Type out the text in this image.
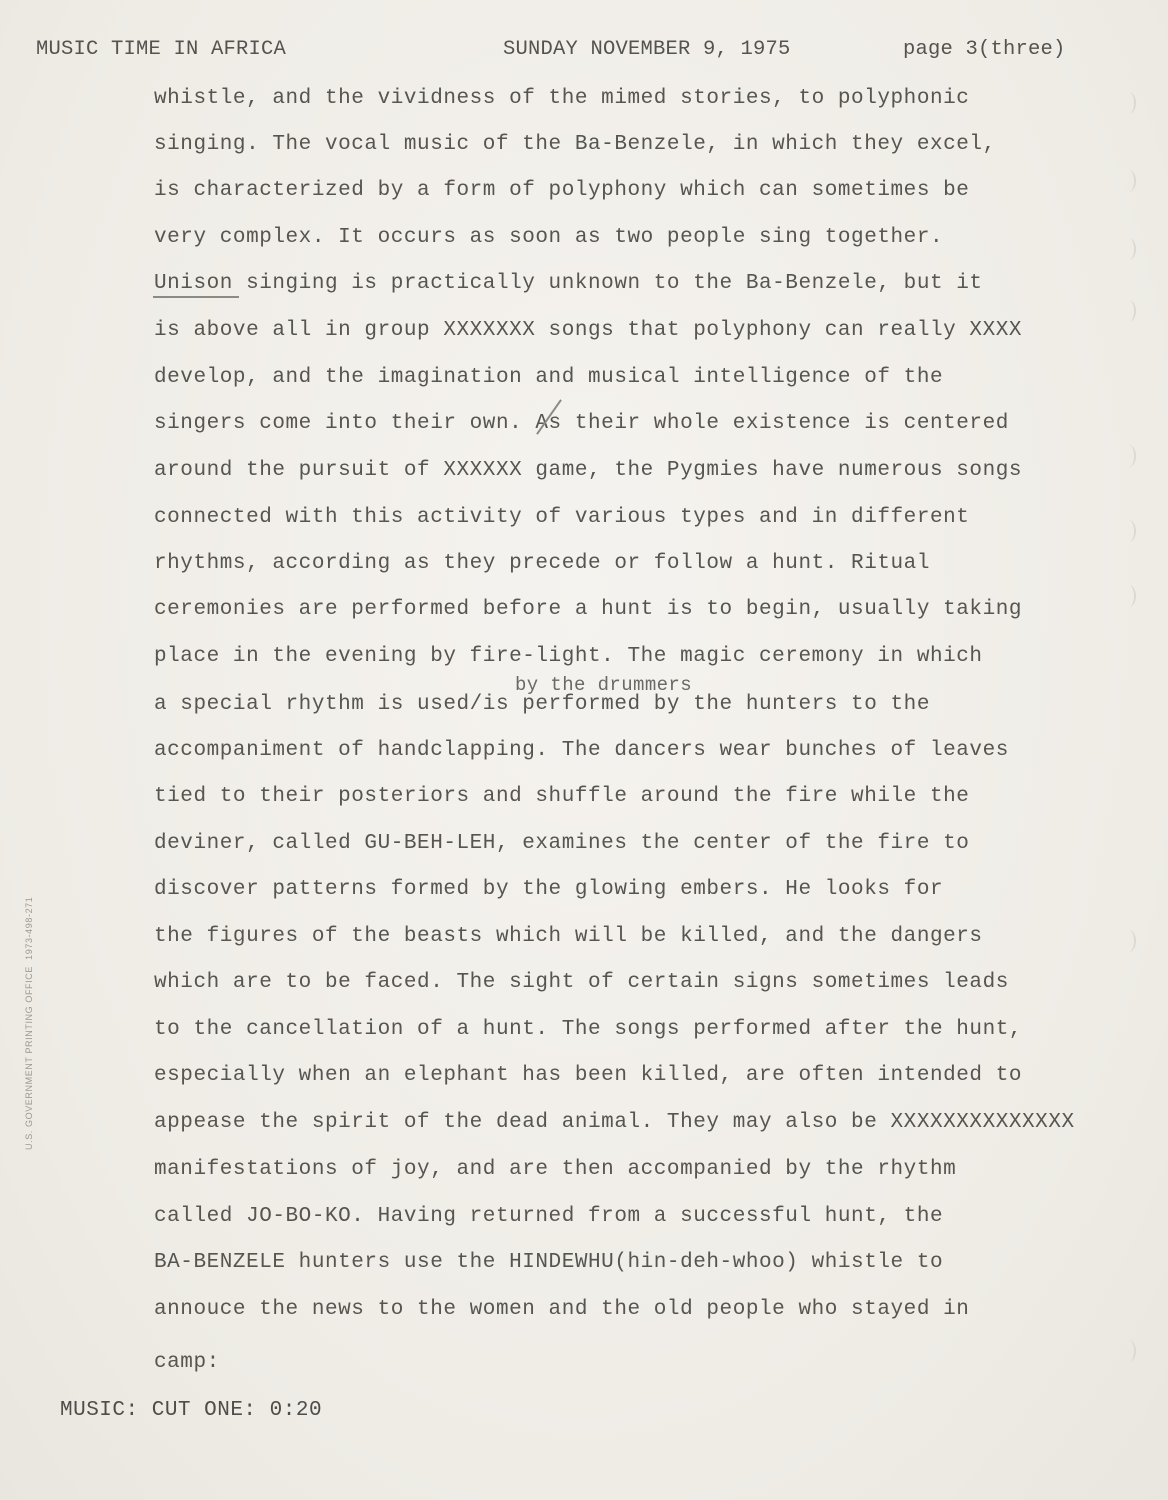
MUSIC TIME IN AFRICA	SUNDAY NOVEMBER 9, 1975	page 3(three)
whistle, and the vividness of the mimed stories, to polyphonic
singing. The vocal music of the Ba-Benzele, in which they excel,
is characterized by a form of polyphony which can sometimes be
very complex. It occurs as soon as two people sing together.
Unison singing is practically unknown to the Ba-Benzele, but it
is above all in group XXXXXXX songs that polyphony can really XXXX
develop, and the imagination and musical intelligence of the
singers come into their own. As their whole existence is centered
around the pursuit of XXXXXX game, the Pygmies have numerous songs
connected with this activity of various types and in different
rhythms, according as they precede or follow a hunt. Ritual
ceremonies are performed before a hunt is to begin, usually taking
place in the evening by fire-light. The magic ceremony in which
by the drummers
a special rhythm is used/is performed by the hunters to the
accompaniment of handclapping. The dancers wear bunches of leaves
tied to their posteriors and shuffle around the fire while the
deviner, called GU-BEH-LEH, examines the center of the fire to
discover patterns formed by the glowing embers. He looks for
the figures of the beasts which will be killed, and the dangers
which are to be faced. The sight of certain signs sometimes leads
to the cancellation of a hunt. The songs performed after the hunt,
especially when an elephant has been killed, are often intended to
appease the spirit of the dead animal. They may also be XXXXXXXXXXXXXX
manifestations of joy, and are then accompanied by the rhythm
called JO-BO-KO. Having returned from a successful hunt, the
BA-BENZELE hunters use the HINDEWHU(hin-deh-whoo) whistle to
annouce the news to the women and the old people who stayed in
camp:
MUSIC: CUT ONE: 0:20
U.S. GOVERNMENT PRINTING OFFICE  1973-498-271
